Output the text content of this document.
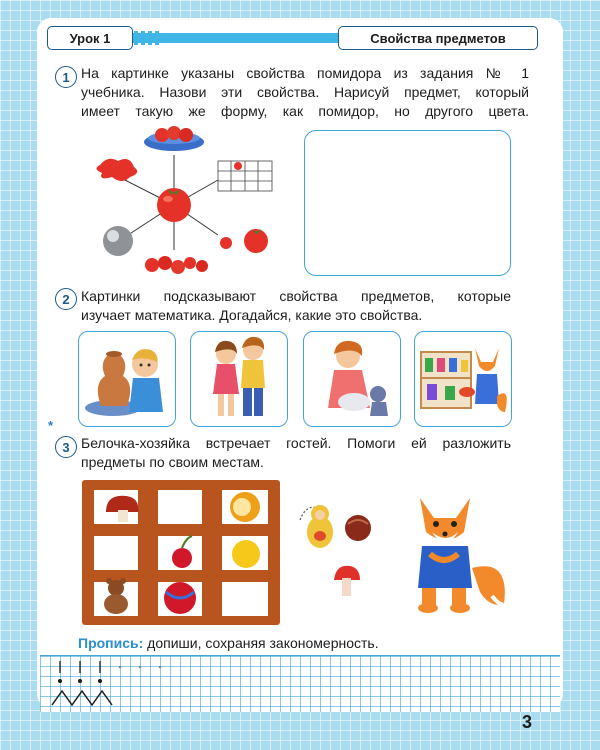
Урок 1	Свойства предметов
1 На картинке указаны свойства помидора из задания № 1
учебника. Назови эти свойства. Нарисуй предмет, который
имеет такую же форму, как помидор, но другого цвета.
2 Картинки подсказывают свойства предметов, которые
изучает математика. Догадайся, какие это свойства.
*
3 Белочка-хозяйка встречает гостей. Помоги ей разложить
предметы по своим местам.
Пропись: допиши, сохраняя закономерность.
3
